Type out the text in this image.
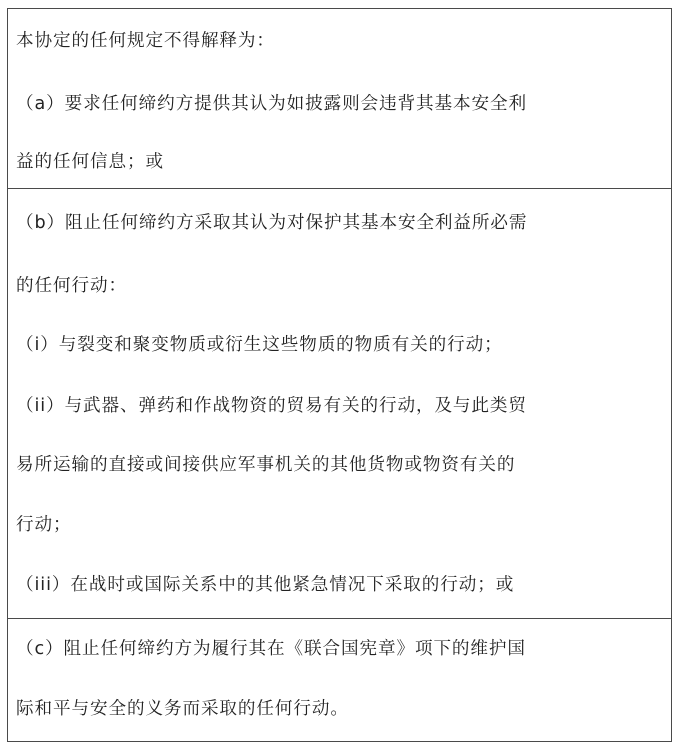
本协定的任何规定不得解释为：
（a）要求任何缔约方提供其认为如披露则会违背其基本安全利
益的任何信息；或
（b）阻止任何缔约方采取其认为对保护其基本安全利益所必需
的任何行动：
（i）与裂变和聚变物质或衍生这些物质的物质有关的行动；
（ii）与武器、弹药和作战物资的贸易有关的行动，及与此类贸
易所运输的直接或间接供应军事机关的其他货物或物资有关的
行动；
（iii）在战时或国际关系中的其他紧急情况下采取的行动；或
（c）阻止任何缔约方为履行其在《联合国宪章》项下的维护国
际和平与安全的义务而采取的任何行动。
